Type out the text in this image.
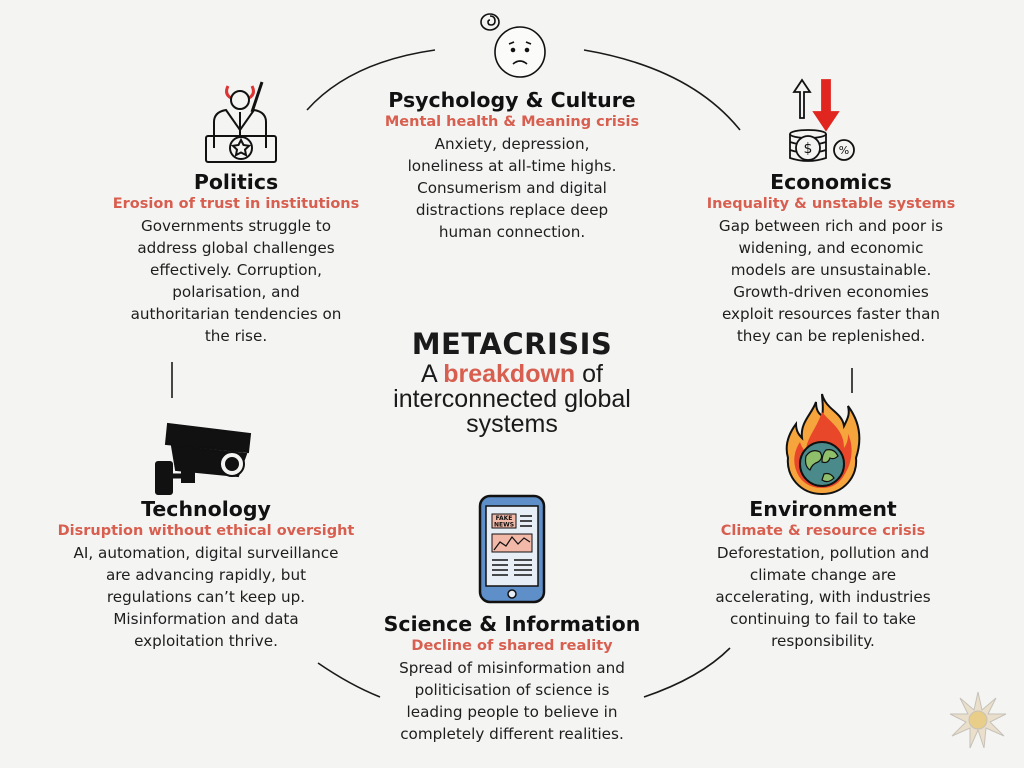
$ %
FAKE
NEWS
Psychology & Culture
Mental health & Meaning crisis
Anxiety, depression,
loneliness at all-time highs.
Consumerism and digital
distractions replace deep
human connection.
Politics
Erosion of trust in institutions
Governments struggle to
address global challenges
effectively. Corruption,
polarisation, and
authoritarian tendencies on
the rise.
Economics
Inequality & unstable systems
Gap between rich and poor is
widening, and economic
models are unsustainable.
Growth-driven economies
exploit resources faster than
they can be replenished.
METACRISIS
A breakdown of
interconnected global
systems
Technology
Disruption without ethical oversight
AI, automation, digital surveillance
are advancing rapidly, but
regulations can’t keep up.
Misinformation and data
exploitation thrive.
Science & Information
Decline of shared reality
Spread of misinformation and
politicisation of science is
leading people to believe in
completely different realities.
Environment
Climate & resource crisis
Deforestation, pollution and
climate change are
accelerating, with industries
continuing to fail to take
responsibility.
